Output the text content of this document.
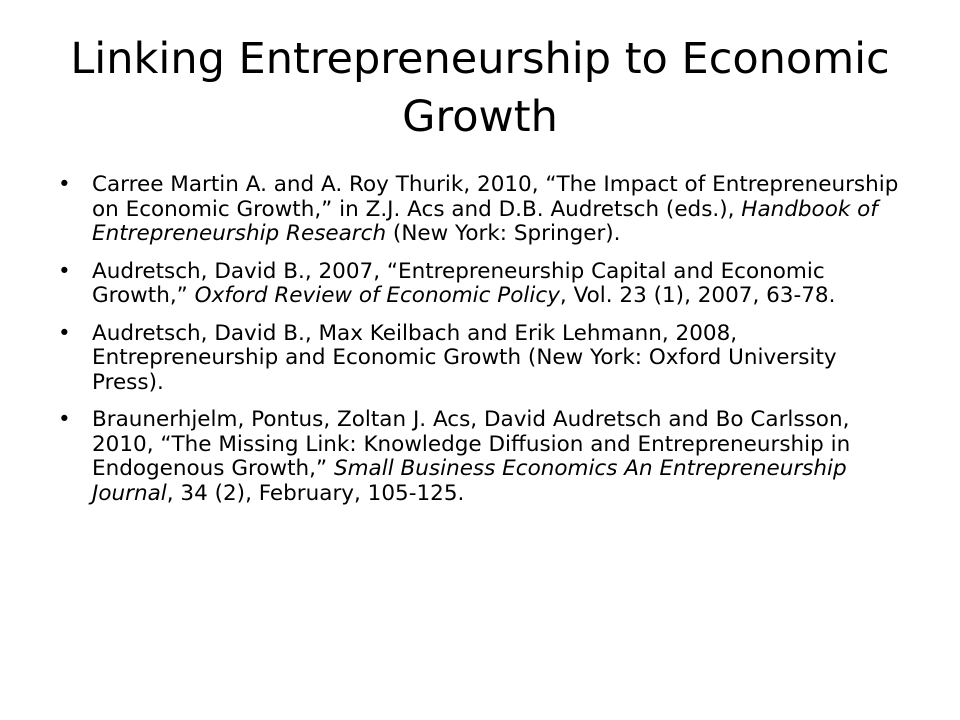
Linking Entrepreneurship to Economic Growth
• Carree Martin A. and A. Roy Thurik, 2010, “The Impact of Entrepreneurship on Economic Growth,” in Z.J. Acs and D.B. Audretsch (eds.), Handbook of Entrepreneurship Research (New York: Springer).
• Audretsch, David B., 2007, “Entrepreneurship Capital and Economic Growth,” Oxford Review of Economic Policy, Vol. 23 (1), 2007, 63-78.
• Audretsch, David B., Max Keilbach and Erik Lehmann, 2008, Entrepreneurship and Economic Growth (New York: Oxford University Press).
• Braunerhjelm, Pontus, Zoltan J. Acs, David Audretsch and Bo Carlsson, 2010, “The Missing Link: Knowledge Diffusion and Entrepreneurship in Endogenous Growth,” Small Business Economics An Entrepreneurship Journal, 34 (2), February, 105-125.
